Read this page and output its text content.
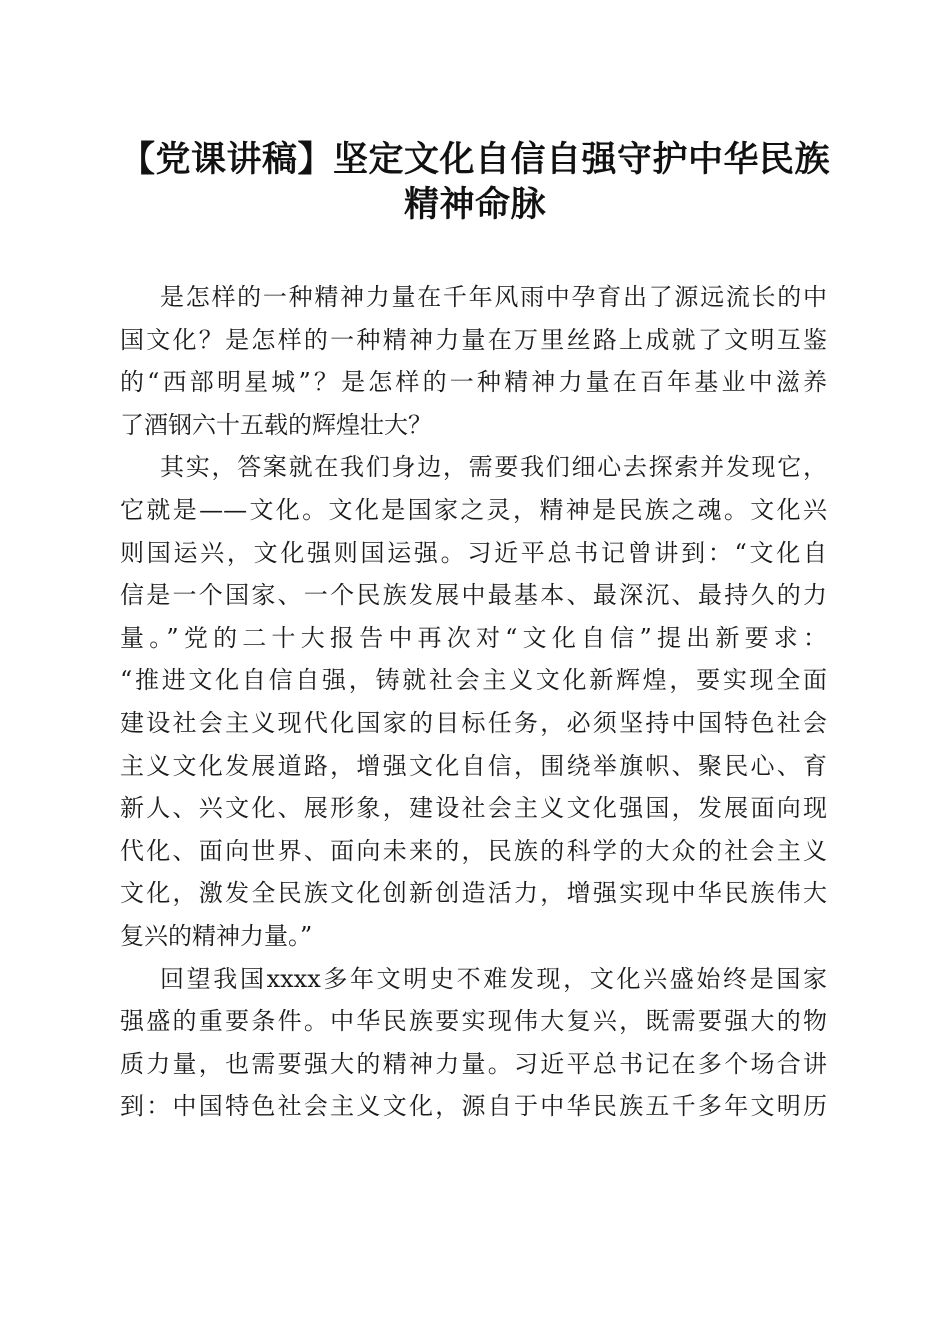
【党课讲稿】坚定文化自信自强守护中华民族
精神命脉

是怎样的一种精神力量在千年风雨中孕育出了源远流长的中
国文化？是怎样的一种精神力量在万里丝路上成就了文明互鉴
的“西部明星城”？是怎样的一种精神力量在百年基业中滋养
了酒钢六十五载的辉煌壮大？

其实，答案就在我们身边，需要我们细心去探索并发现它，
它就是——文化。文化是国家之灵，精神是民族之魂。文化兴
则国运兴，文化强则国运强。习近平总书记曾讲到：“文化自
信是一个国家、一个民族发展中最基本、最深沉、最持久的力
量。”党的二十大报告中再次对“文化自信”提出新要求：
“推进文化自信自强，铸就社会主义文化新辉煌，要实现全面
建设社会主义现代化国家的目标任务，必须坚持中国特色社会
主义文化发展道路，增强文化自信，围绕举旗帜、聚民心、育
新人、兴文化、展形象，建设社会主义文化强国，发展面向现
代化、面向世界、面向未来的，民族的科学的大众的社会主义
文化，激发全民族文化创新创造活力，增强实现中华民族伟大
复兴的精神力量。”

回望我国xxxx多年文明史不难发现，文化兴盛始终是国家
强盛的重要条件。中华民族要实现伟大复兴，既需要强大的物
质力量，也需要强大的精神力量。习近平总书记在多个场合讲
到：中国特色社会主义文化，源自于中华民族五千多年文明历
